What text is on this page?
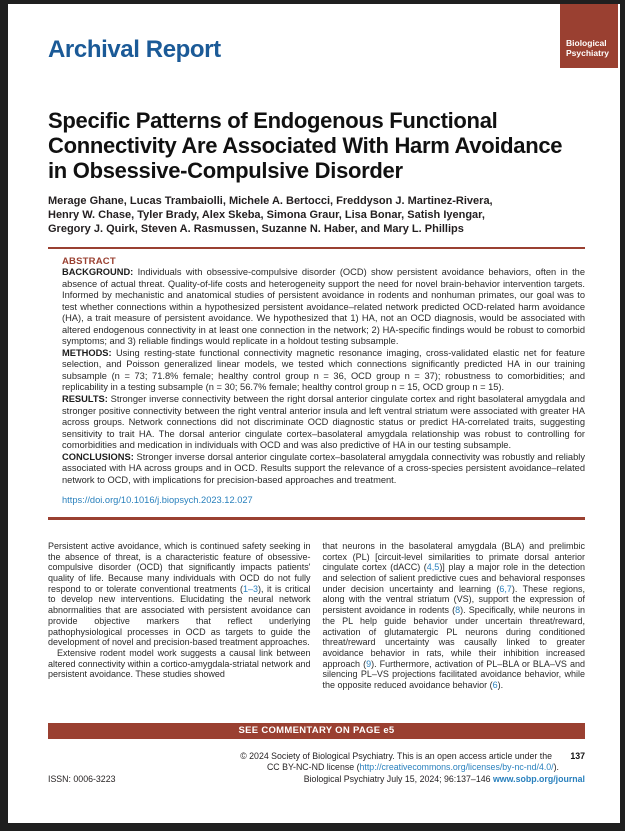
Biological
Psychiatry
Archival Report
Specific Patterns of Endogenous Functional Connectivity Are Associated With Harm Avoidance in Obsessive-Compulsive Disorder

Merage Ghane, Lucas Trambaiolli, Michele A. Bertocci, Freddyson J. Martinez-Rivera,
Henry W. Chase, Tyler Brady, Alex Skeba, Simona Graur, Lisa Bonar, Satish Iyengar,
Gregory J. Quirk, Steven A. Rasmussen, Suzanne N. Haber, and Mary L. Phillips

ABSTRACT

BACKGROUND: Individuals with obsessive-compulsive disorder (OCD) show persistent avoidance behaviors, often in the absence of actual threat. Quality-of-life costs and heterogeneity support the need for novel brain-behavior intervention targets. Informed by mechanistic and anatomical studies of persistent avoidance in rodents and nonhuman primates, our goal was to test whether connections within a hypothesized persistent avoidance–related network predicted OCD-related harm avoidance (HA), a trait measure of persistent avoidance. We hypothesized that 1) HA, not an OCD diagnosis, would be associated with altered endogenous connectivity in at least one connection in the network; 2) HA-specific findings would be robust to comorbid symptoms; and 3) reliable findings would replicate in a holdout testing subsample.

METHODS: Using resting-state functional connectivity magnetic resonance imaging, cross-validated elastic net for feature selection, and Poisson generalized linear models, we tested which connections significantly predicted HA in our training subsample (n = 73; 71.8% female; healthy control group n = 36, OCD group n = 37); robustness to comorbidities; and replicability in a testing subsample (n = 30; 56.7% female; healthy control group n = 15, OCD group n = 15).

RESULTS: Stronger inverse connectivity between the right dorsal anterior cingulate cortex and right basolateral amygdala and stronger positive connectivity between the right ventral anterior insula and left ventral striatum were associated with greater HA across groups. Network connections did not discriminate OCD diagnostic status or predict HA-correlated traits, suggesting sensitivity to trait HA. The dorsal anterior cingulate cortex–basolateral amygdala relationship was robust to controlling for comorbidities and medication in individuals with OCD and was also predictive of HA in our testing subsample.

CONCLUSIONS: Stronger inverse dorsal anterior cingulate cortex–basolateral amygdala connectivity was robustly and reliably associated with HA across groups and in OCD. Results support the relevance of a cross-species persistent avoidance–related network to OCD, with implications for precision-based approaches and treatment.

https://doi.org/10.1016/j.biopsych.2023.12.027

Persistent active avoidance, which is continued safety seeking in the absence of threat, is a characteristic feature of obsessive-compulsive disorder (OCD) that significantly impacts patients' quality of life. Because many individuals with OCD do not fully respond to or tolerate conventional treatments (1–3), it is critical to develop new interventions. Elucidating the neural network abnormalities that are associated with persistent avoidance can provide objective markers that reflect underlying pathophysiological processes in OCD as targets to guide the development of novel and precision-based treatment approaches.

Extensive rodent model work suggests a causal link between altered connectivity within a cortico-amygdala-striatal network and persistent avoidance. These studies showed

that neurons in the basolateral amygdala (BLA) and prelimbic cortex (PL) [circuit-level similarities to primate dorsal anterior cingulate cortex (dACC) (4,5)] play a major role in the detection and selection of salient predictive cues and behavioral responses under decision uncertainty and learning (6,7). These regions, along with the ventral striatum (VS), support the expression of persistent avoidance in rodents (8). Specifically, while neurons in the PL help guide behavior under uncertain threat/reward, activation of glutamatergic PL neurons during conditioned threat/reward uncertainty was causally linked to greater avoidance behavior in rats, while their inhibition increased approach (9). Furthermore, activation of PL–BLA or BLA–VS and silencing PL–VS projections facilitated avoidance behavior, while the opposite reduced avoidance behavior (6).

SEE COMMENTARY ON PAGE e5
© 2024 Society of Biological Psychiatry. This is an open access article under the
CC BY-NC-ND license (http://creativecommons.org/licenses/by-nc-nd/4.0/).
Biological Psychiatry July 15, 2024; 96:137–146 www.sobp.org/journal
137
ISSN: 0006-3223
